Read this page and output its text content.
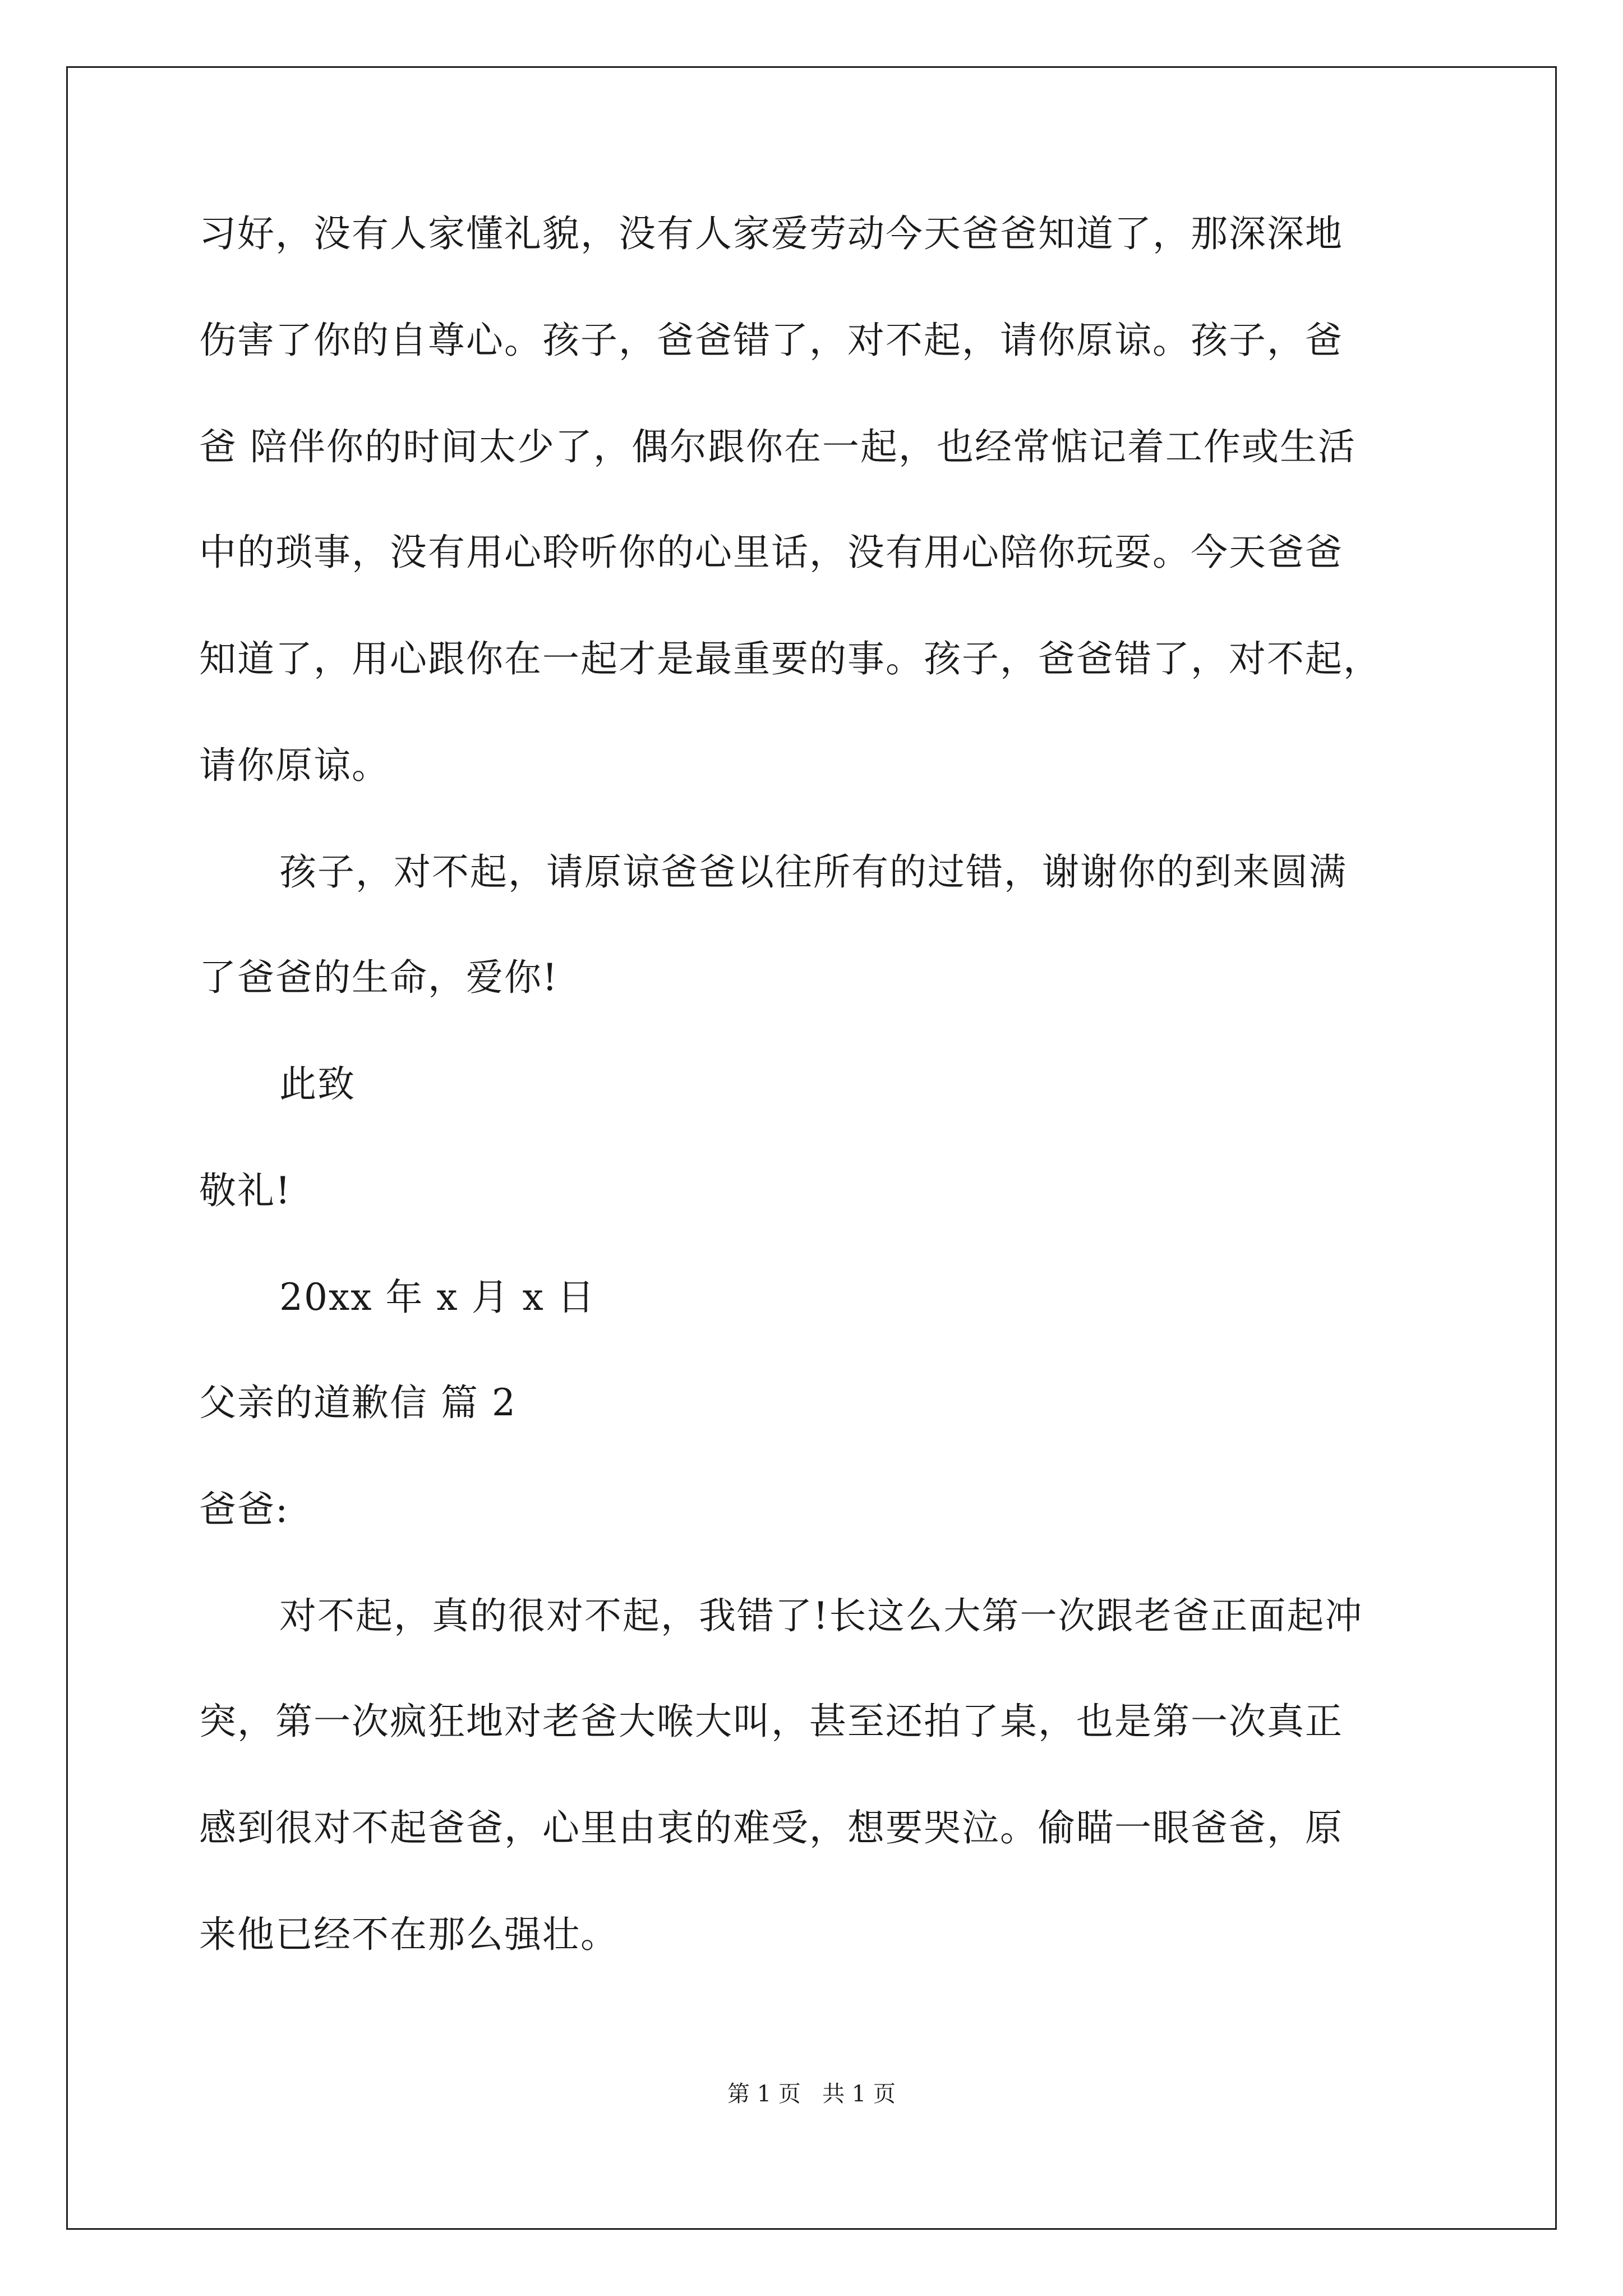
习好，没有人家懂礼貌，没有人家爱劳动今天爸爸知道了，那深深地
伤害了你的自尊心。孩子，爸爸错了，对不起，请你原谅。孩子，爸
爸 陪伴你的时间太少了，偶尔跟你在一起，也经常惦记着工作或生活
中的琐事，没有用心聆听你的心里话，没有用心陪你玩耍。今天爸爸
知道了，用心跟你在一起才是最重要的事。孩子，爸爸错了，对不起，
请你原谅。
孩子，对不起，请原谅爸爸以往所有的过错，谢谢你的到来圆满
了爸爸的生命，爱你!
此致
敬礼!
20xx 年 x 月 x 日
父亲的道歉信 篇 2
爸爸:
对不起，真的很对不起，我错了!长这么大第一次跟老爸正面起冲
突，第一次疯狂地对老爸大喉大叫，甚至还拍了桌，也是第一次真正
感到很对不起爸爸，心里由衷的难受，想要哭泣。偷瞄一眼爸爸，原
来他已经不在那么强壮。
第 1 页   共 1 页
